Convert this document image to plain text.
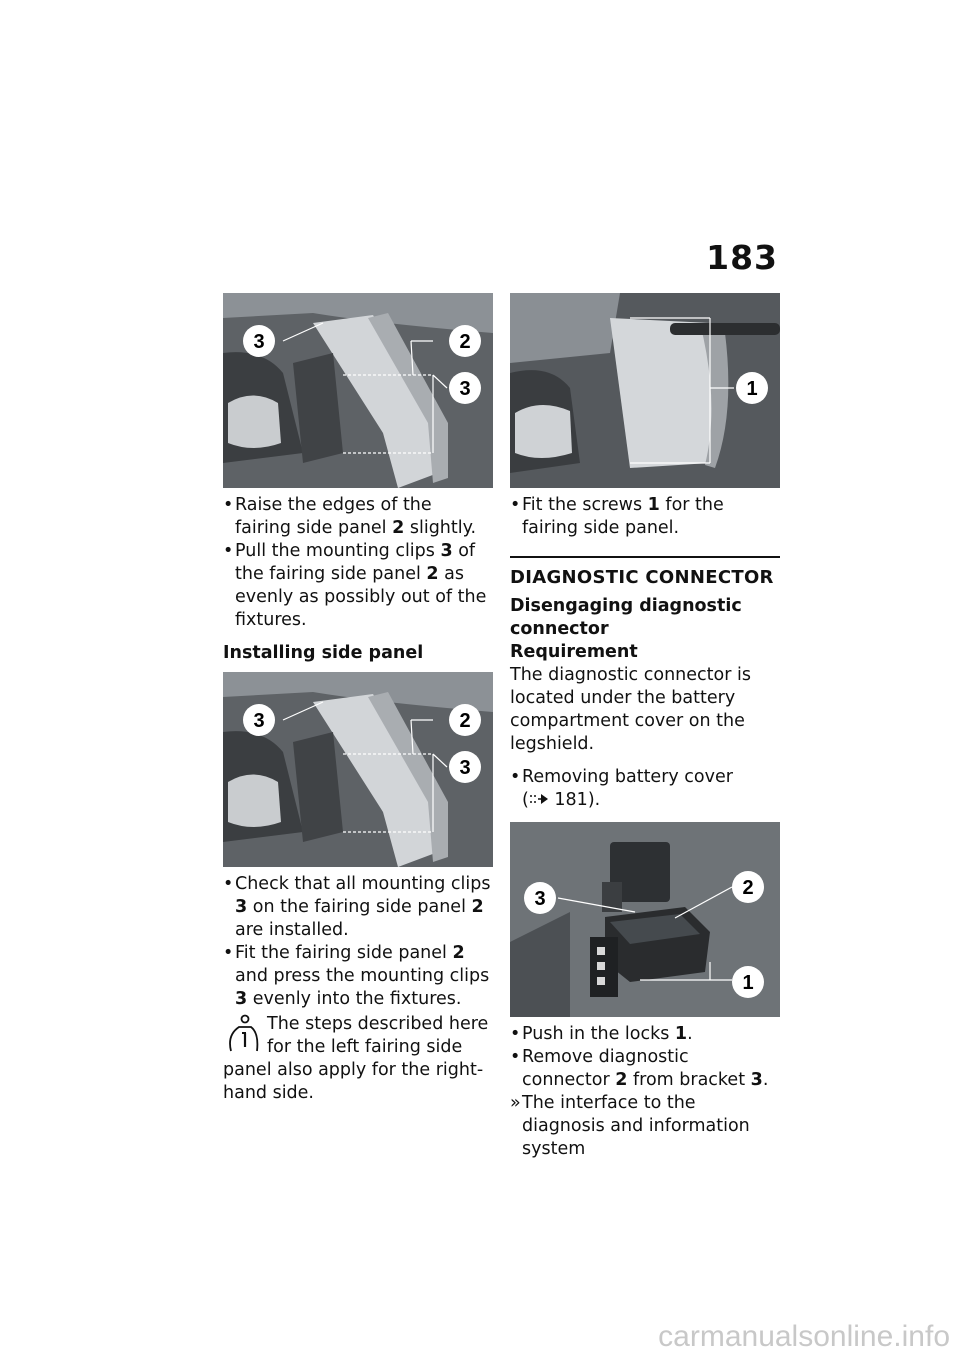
183
3	2
3
• Raise the edges of the fairing side panel 2 slightly.
• Pull the mounting clips 3 of the fairing side panel 2 as evenly as possibly out of the fixtures.
Installing side panel
3	2
3
• Check that all mounting clips 3 on the fairing side panel 2 are installed.
• Fit the fairing side panel 2 and press the mounting clips 3 evenly into the fixtures.
The steps described here for the left fairing side panel also apply for the right-hand side.
1
• Fit the screws 1 for the fairing side panel.
DIAGNOSTIC CONNECTOR
Disengaging diagnostic connector
Requirement
The diagnostic connector is located under the battery compartment cover on the legshield.
• Removing battery cover
( 181).
3	2
1
• Push in the locks 1.
• Remove diagnostic connector 2 from bracket 3.
» The interface to the diagnosis and information system
carmanualsonline.info
